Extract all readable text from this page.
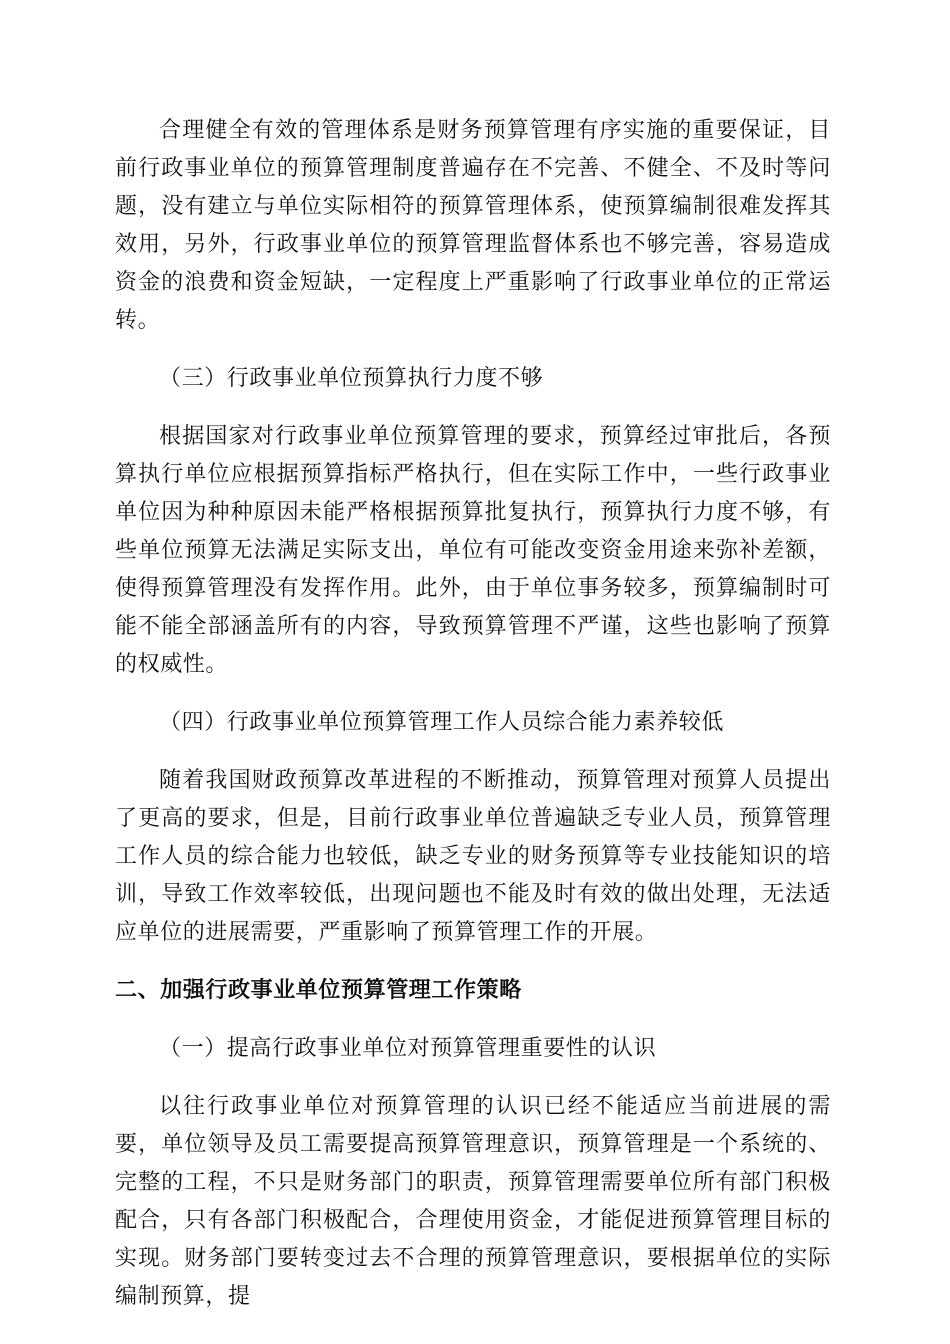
合理健全有效的管理体系是财务预算管理有序实施的重要保证，目前行政事业单位的预算管理制度普遍存在不完善、不健全、不及时等问题，没有建立与单位实际相符的预算管理体系，使预算编制很难发挥其效用，另外，行政事业单位的预算管理监督体系也不够完善，容易造成资金的浪费和资金短缺，一定程度上严重影响了行政事业单位的正常运转。

（三）行政事业单位预算执行力度不够

根据国家对行政事业单位预算管理的要求，预算经过审批后，各预算执行单位应根据预算指标严格执行，但在实际工作中，一些行政事业单位因为种种原因未能严格根据预算批复执行，预算执行力度不够，有些单位预算无法满足实际支出，单位有可能改变资金用途来弥补差额，使得预算管理没有发挥作用。此外，由于单位事务较多，预算编制时可能不能全部涵盖所有的内容，导致预算管理不严谨，这些也影响了预算的权威性。

（四）行政事业单位预算管理工作人员综合能力素养较低

随着我国财政预算改革进程的不断推动，预算管理对预算人员提出了更高的要求，但是，目前行政事业单位普遍缺乏专业人员，预算管理工作人员的综合能力也较低，缺乏专业的财务预算等专业技能知识的培训，导致工作效率较低，出现问题也不能及时有效的做出处理，无法适应单位的进展需要，严重影响了预算管理工作的开展。

二、加强行政事业单位预算管理工作策略

（一）提高行政事业单位对预算管理重要性的认识

以往行政事业单位对预算管理的认识已经不能适应当前进展的需要，单位领导及员工需要提高预算管理意识，预算管理是一个系统的、完整的工程，不只是财务部门的职责，预算管理需要单位所有部门积极配合，只有各部门积极配合，合理使用资金，才能促进预算管理目标的实现。财务部门要转变过去不合理的预算管理意识，要根据单位的实际编制预算，提
